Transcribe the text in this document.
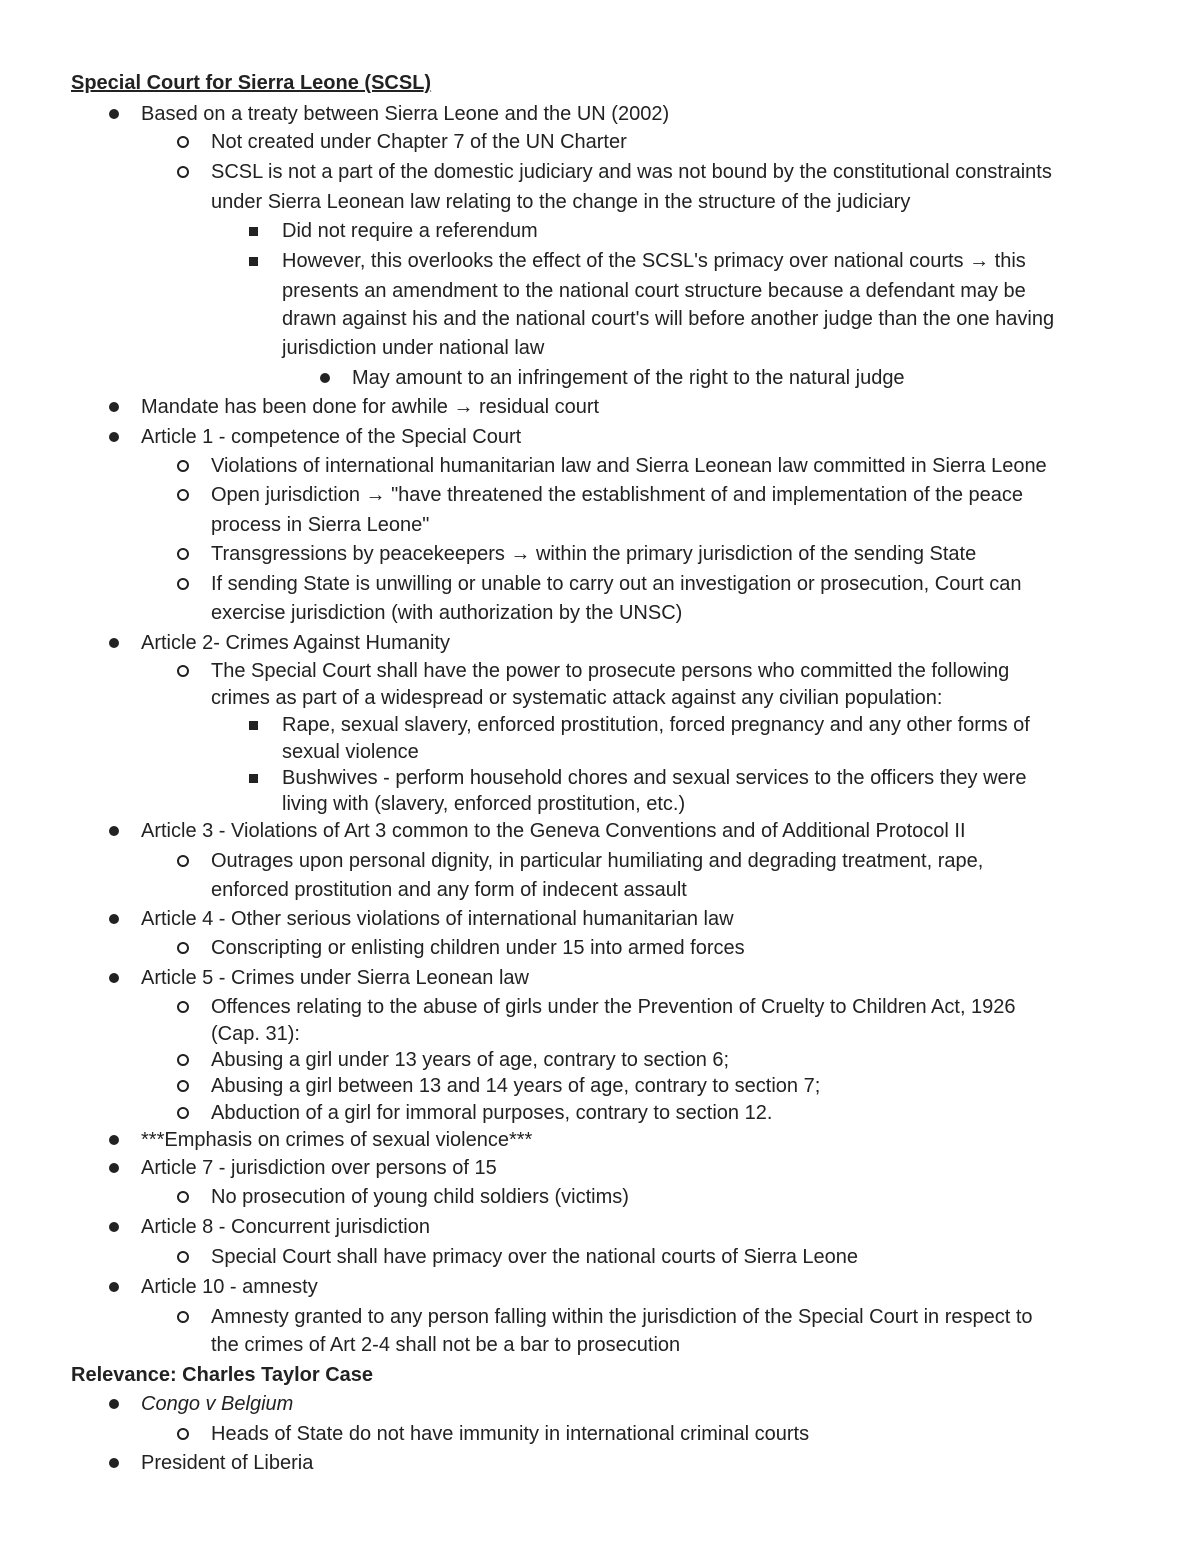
Special Court for Sierra Leone (SCSL)
Based on a treaty between Sierra Leone and the UN (2002)
Not created under Chapter 7 of the UN Charter
SCSL is not a part of the domestic judiciary and was not bound by the constitutional constraints
under Sierra Leonean law relating to the change in the structure of the judiciary
Did not require a referendum
However, this overlooks the effect of the SCSL's primacy over national courts → this
presents an amendment to the national court structure because a defendant may be
drawn against his and the national court's will before another judge than the one having
jurisdiction under national law
May amount to an infringement of the right to the natural judge
Mandate has been done for awhile → residual court
Article 1 - competence of the Special Court
Violations of international humanitarian law and Sierra Leonean law committed in Sierra Leone
Open jurisdiction → "have threatened the establishment of and implementation of the peace
process in Sierra Leone"
Transgressions by peacekeepers → within the primary jurisdiction of the sending State
If sending State is unwilling or unable to carry out an investigation or prosecution, Court can
exercise jurisdiction (with authorization by the UNSC)
Article 2- Crimes Against Humanity
The Special Court shall have the power to prosecute persons who committed the following
crimes as part of a widespread or systematic attack against any civilian population:
Rape, sexual slavery, enforced prostitution, forced pregnancy and any other forms of
sexual violence
Bushwives - perform household chores and sexual services to the officers they were
living with (slavery, enforced prostitution, etc.)
Article 3 - Violations of Art 3 common to the Geneva Conventions and of Additional Protocol II
Outrages upon personal dignity, in particular humiliating and degrading treatment, rape,
enforced prostitution and any form of indecent assault
Article 4 - Other serious violations of international humanitarian law
Conscripting or enlisting children under 15 into armed forces
Article 5 - Crimes under Sierra Leonean law
Offences relating to the abuse of girls under the Prevention of Cruelty to Children Act, 1926
(Cap. 31):
Abusing a girl under 13 years of age, contrary to section 6;
Abusing a girl between 13 and 14 years of age, contrary to section 7;
Abduction of a girl for immoral purposes, contrary to section 12.
***Emphasis on crimes of sexual violence***
Article 7 - jurisdiction over persons of 15
No prosecution of young child soldiers (victims)
Article 8 - Concurrent jurisdiction
Special Court shall have primacy over the national courts of Sierra Leone
Article 10 - amnesty
Amnesty granted to any person falling within the jurisdiction of the Special Court in respect to
the crimes of Art 2-4 shall not be a bar to prosecution
Relevance: Charles Taylor Case
Congo v Belgium
Heads of State do not have immunity in international criminal courts
President of Liberia
